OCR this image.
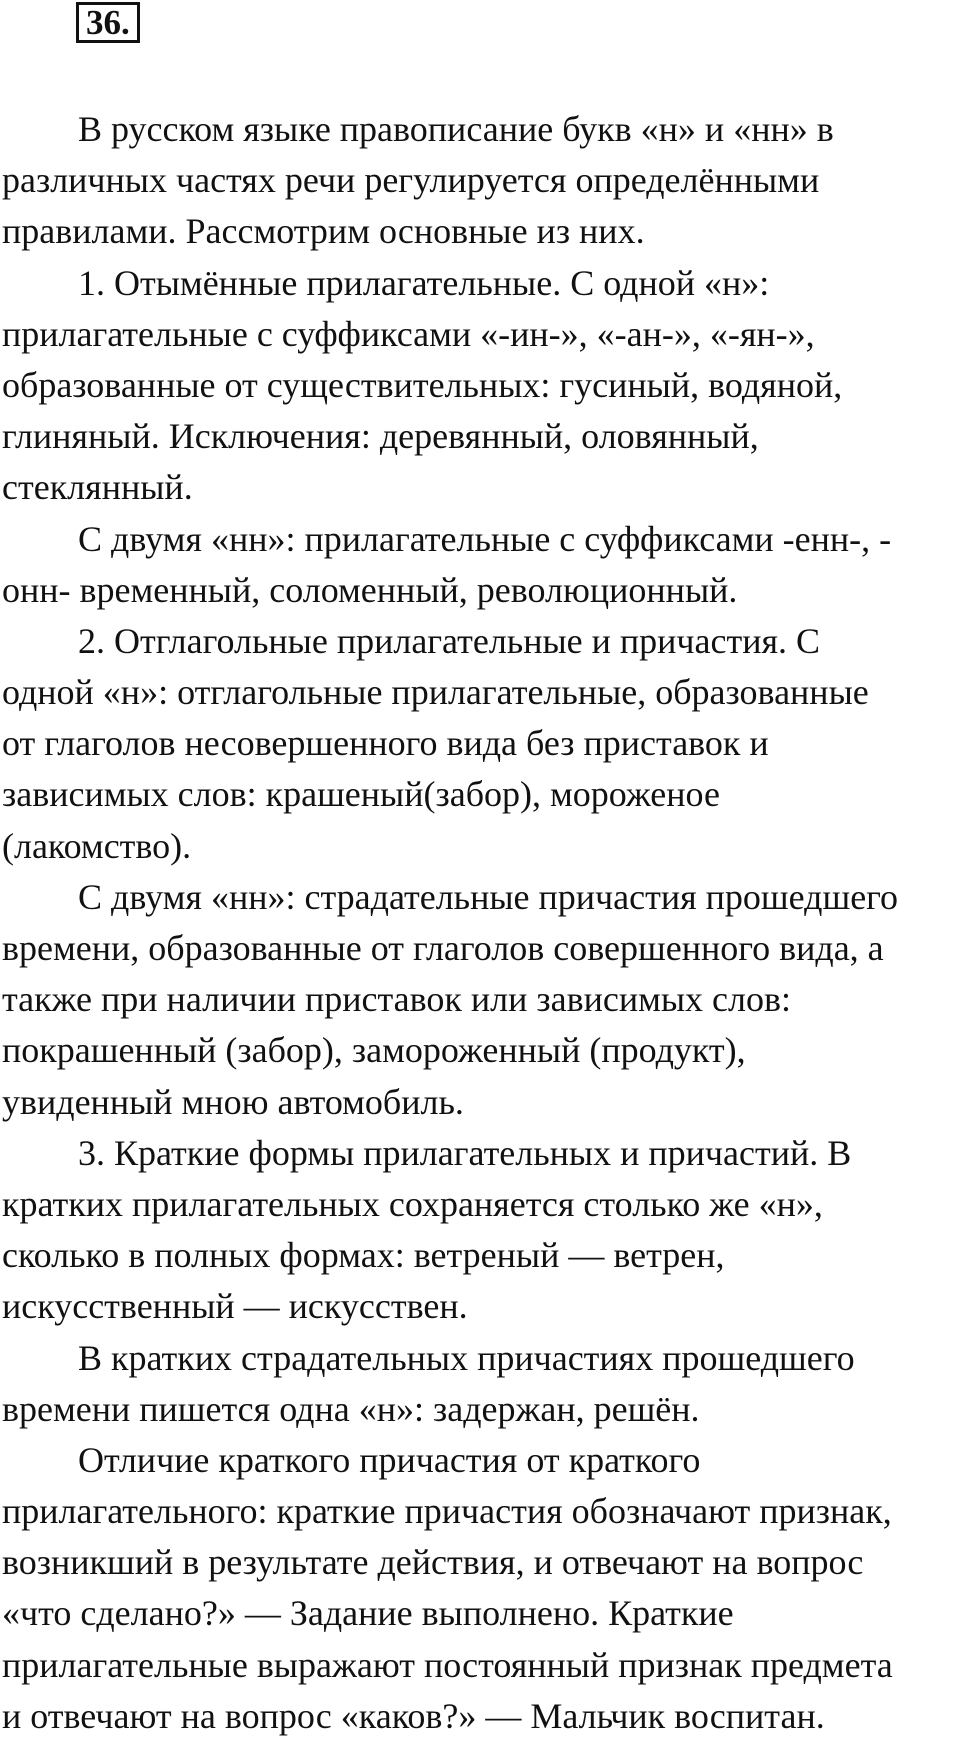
36.
В русском языке правописание букв «н» и «нн» в
различных частях речи регулируется определёнными
правилами. Рассмотрим основные из них.
1. Отымённые прилагательные. С одной «н»:
прилагательные с суффиксами «-ин-», «-ан-», «-ян-»,
образованные от существительных: гусиный, водяной,
глиняный. Исключения: деревянный, оловянный,
стеклянный.
С двумя «нн»: прилагательные с суффиксами -енн-, -
онн- временный, соломенный, революционный.
2. Отглагольные прилагательные и причастия. С
одной «н»: отглагольные прилагательные, образованные
от глаголов несовершенного вида без приставок и
зависимых слов: крашеный(забор), мороженое
(лакомство).
С двумя «нн»: страдательные причастия прошедшего
времени, образованные от глаголов совершенного вида, а
также при наличии приставок или зависимых слов:
покрашенный (забор), замороженный (продукт),
увиденный мною автомобиль.
3. Краткие формы прилагательных и причастий. В
кратких прилагательных сохраняется столько же «н»,
сколько в полных формах: ветреный — ветрен,
искусственный — искусствен.
В кратких страдательных причастиях прошедшего
времени пишется одна «н»: задержан, решён.
Отличие краткого причастия от краткого
прилагательного: краткие причастия обозначают признак,
возникший в результате действия, и отвечают на вопрос
«что сделано?» — Задание выполнено. Краткие
прилагательные выражают постоянный признак предмета
и отвечают на вопрос «каков?» — Мальчик воспитан.
